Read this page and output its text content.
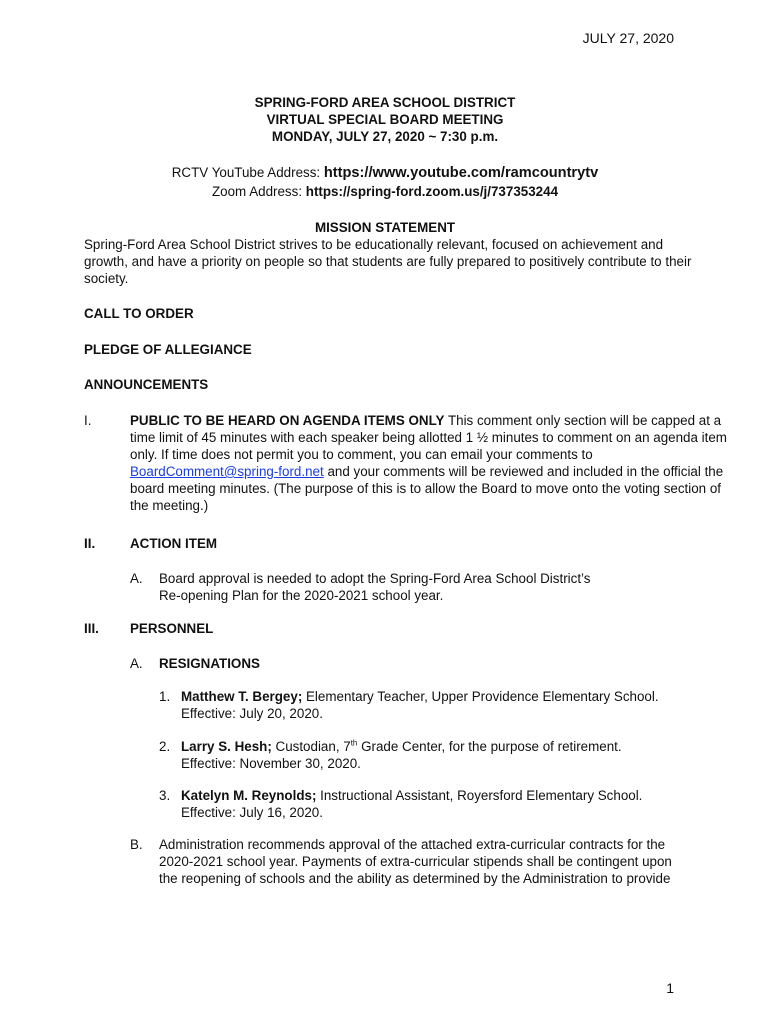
JULY 27, 2020
SPRING-FORD AREA SCHOOL DISTRICT
VIRTUAL SPECIAL BOARD MEETING
MONDAY, JULY 27, 2020 ~ 7:30 p.m.
RCTV YouTube Address: https://www.youtube.com/ramcountrytv
Zoom Address: https://spring-ford.zoom.us/j/737353244
MISSION STATEMENT
Spring-Ford Area School District strives to be educationally relevant, focused on achievement and growth, and have a priority on people so that students are fully prepared to positively contribute to their society.
CALL TO ORDER
PLEDGE OF ALLEGIANCE
ANNOUNCEMENTS
I.	PUBLIC TO BE HEARD ON AGENDA ITEMS ONLY This comment only section will be capped at a time limit of 45 minutes with each speaker being allotted 1 ½ minutes to comment on an agenda item only. If time does not permit you to comment, you can email your comments to BoardComment@spring-ford.net and your comments will be reviewed and included in the official the board meeting minutes. (The purpose of this is to allow the Board to move onto the voting section of the meeting.)
II.	ACTION ITEM
A. Board approval is needed to adopt the Spring-Ford Area School District’s
Re-opening Plan for the 2020-2021 school year.
III. PERSONNEL
A. RESIGNATIONS
1. Matthew T. Bergey; Elementary Teacher, Upper Providence Elementary School.
Effective: July 20, 2020.
2. Larry S. Hesh; Custodian, 7th Grade Center, for the purpose of retirement.
Effective: November 30, 2020.
3. Katelyn M. Reynolds; Instructional Assistant, Royersford Elementary School.
Effective: July 16, 2020.
B. Administration recommends approval of the attached extra-curricular contracts for the
2020-2021 school year. Payments of extra-curricular stipends shall be contingent upon
the reopening of schools and the ability as determined by the Administration to provide
1
